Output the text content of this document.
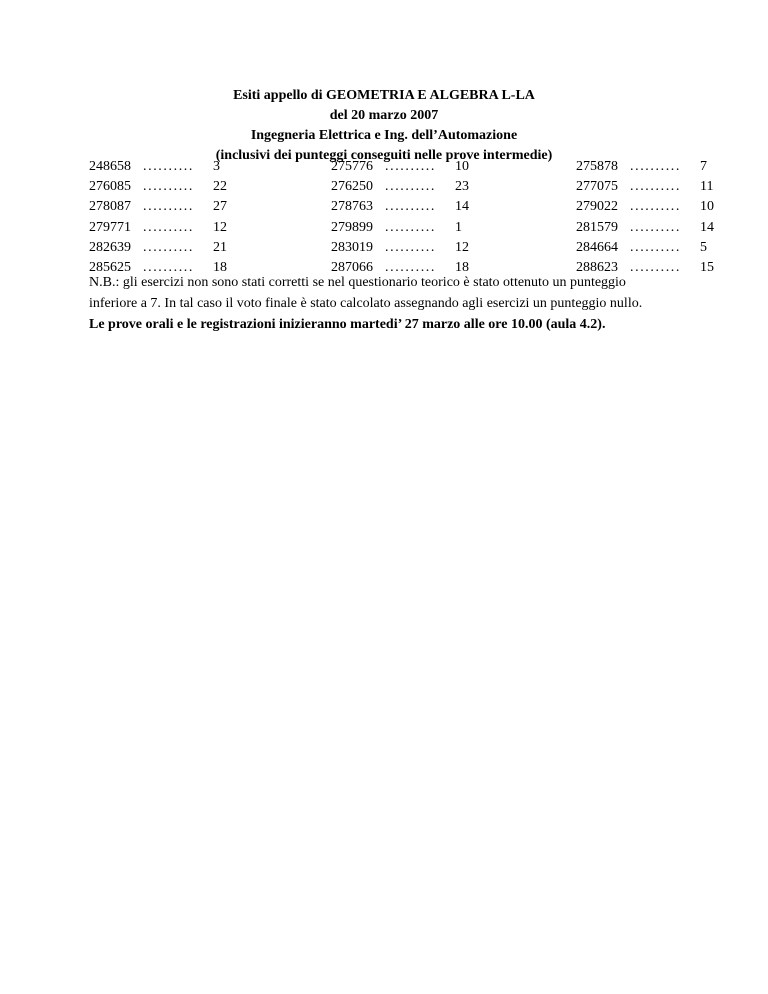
Esiti appello di GEOMETRIA E ALGEBRA L-LA
del 20 marzo 2007
Ingegneria Elettrica e Ing. dell’Automazione
(inclusivi dei punteggi conseguiti nelle prove intermedie)
248658 .......... 3	275776 .......... 10	275878 .......... 7
276085 .......... 22	276250 .......... 23	277075 .......... 11
278087 .......... 27	278763 .......... 14	279022 .......... 10
279771 .......... 12	279899 .......... 1	281579 .......... 14
282639 .......... 21	283019 .......... 12	284664 .......... 5
285625 .......... 18	287066 .......... 18	288623 .......... 15
N.B.: gli esercizi non sono stati corretti se nel questionario teorico è stato ottenuto un punteggio
inferiore a 7. In tal caso il voto finale è stato calcolato assegnando agli esercizi un punteggio nullo.
Le prove orali e le registrazioni inizieranno martedi’ 27 marzo alle ore 10.00 (aula 4.2).
